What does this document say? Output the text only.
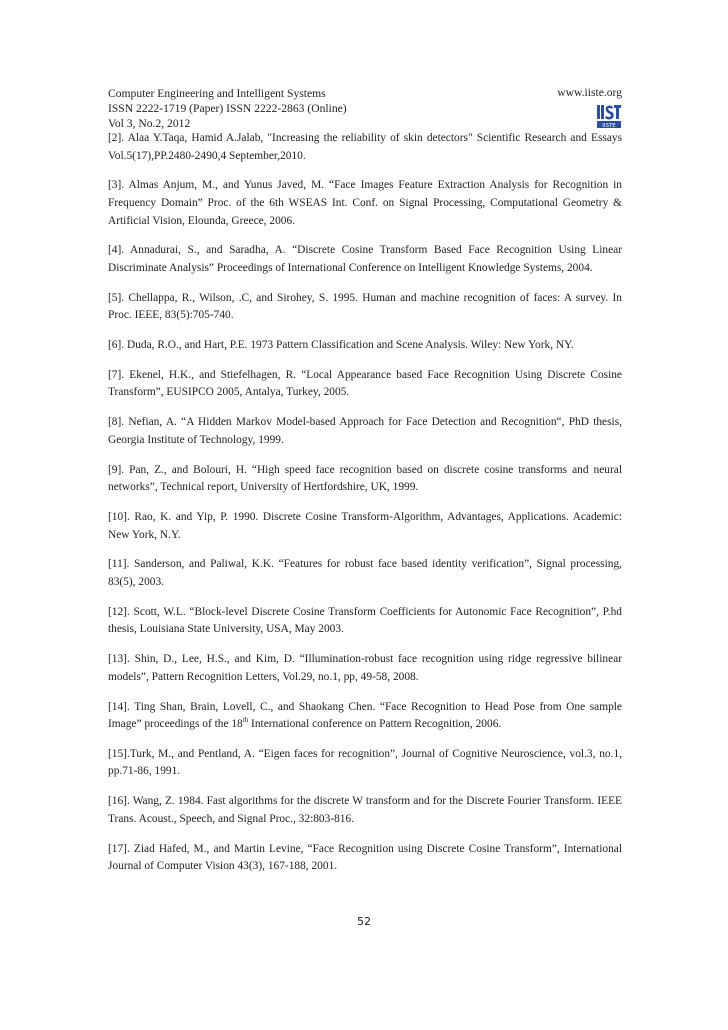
Computer Engineering and Intelligent Systems	www.iiste.org
ISSN 2222-1719 (Paper) ISSN 2222-2863 (Online)
Vol 3, No.2, 2012	IISTE

[2]. Alaa Y.Taqa, Hamid A.Jalab, "Increasing the reliability of skin detectors" Scientific Research and Essays Vol.5(17),PP.2480-2490,4 September,2010.

[3]. Almas Anjum, M., and Yunus Javed, M. “Face Images Feature Extraction Analysis for Recognition in Frequency Domain” Proc. of the 6th WSEAS Int. Conf. on Signal Processing, Computational Geometry & Artificial Vision, Elounda, Greece, 2006.

[4]. Annadurai, S., and Saradha, A. “Discrete Cosine Transform Based Face Recognition Using Linear Discriminate Analysis” Proceedings of International Conference on Intelligent Knowledge Systems, 2004.

[5]. Chellappa, R., Wilson, .C, and Sirohey, S. 1995. Human and machine recognition of faces: A survey. In Proc. IEEE, 83(5):705-740.

[6]. Duda, R.O., and Hart, P.E. 1973 Pattern Classification and Scene Analysis. Wiley: New York, NY.

[7]. Ekenel, H.K., and Stiefelhagen, R. “Local Appearance based Face Recognition Using Discrete Cosine Transform”, EUSIPCO 2005, Antalya, Turkey, 2005.

[8]. Nefian, A. “A Hidden Markov Model-based Approach for Face Detection and Recognition“, PhD thesis, Georgia Institute of Technology, 1999.

[9]. Pan, Z., and Bolouri, H. “High speed face recognition based on discrete cosine transforms and neural networks”, Technical report, University of Hertfordshire, UK, 1999.

[10]. Rao, K. and Yip, P. 1990. Discrete Cosine Transform-Algorithm, Advantages, Applications. Academic: New York, N.Y.

[11]. Sanderson, and Paliwal, K.K. “Features for robust face based identity verification”, Signal processing, 83(5), 2003.

[12]. Scott, W.L. “Block-level Discrete Cosine Transform Coefficients for Autonomic Face Recognition”, P.hd thesis, Louisiana State University, USA, May 2003.

[13]. Shin, D., Lee, H.S., and Kim, D. “Illumination-robust face recognition using ridge regressive bilinear models”, Pattern Recognition Letters, Vol.29, no.1, pp, 49-58, 2008.

[14]. Ting Shan, Brain, Lovell, C., and Shaokang Chen. “Face Recognition to Head Pose from One sample Image” proceedings of the 18th International conference on Pattern Recognition, 2006.

[15].Turk, M., and Pentland, A. “Eigen faces for recognition”, Journal of Cognitive Neuroscience, vol.3, no.1, pp.71-86, 1991.

[16]. Wang, Z. 1984. Fast algorithms for the discrete W transform and for the Discrete Fourier Transform. IEEE Trans. Acoust., Speech, and Signal Proc., 32:803-816.

[17]. Ziad Hafed, M., and Martin Levine, “Face Recognition using Discrete Cosine Transform”, International Journal of Computer Vision 43(3), 167-188, 2001.

52
